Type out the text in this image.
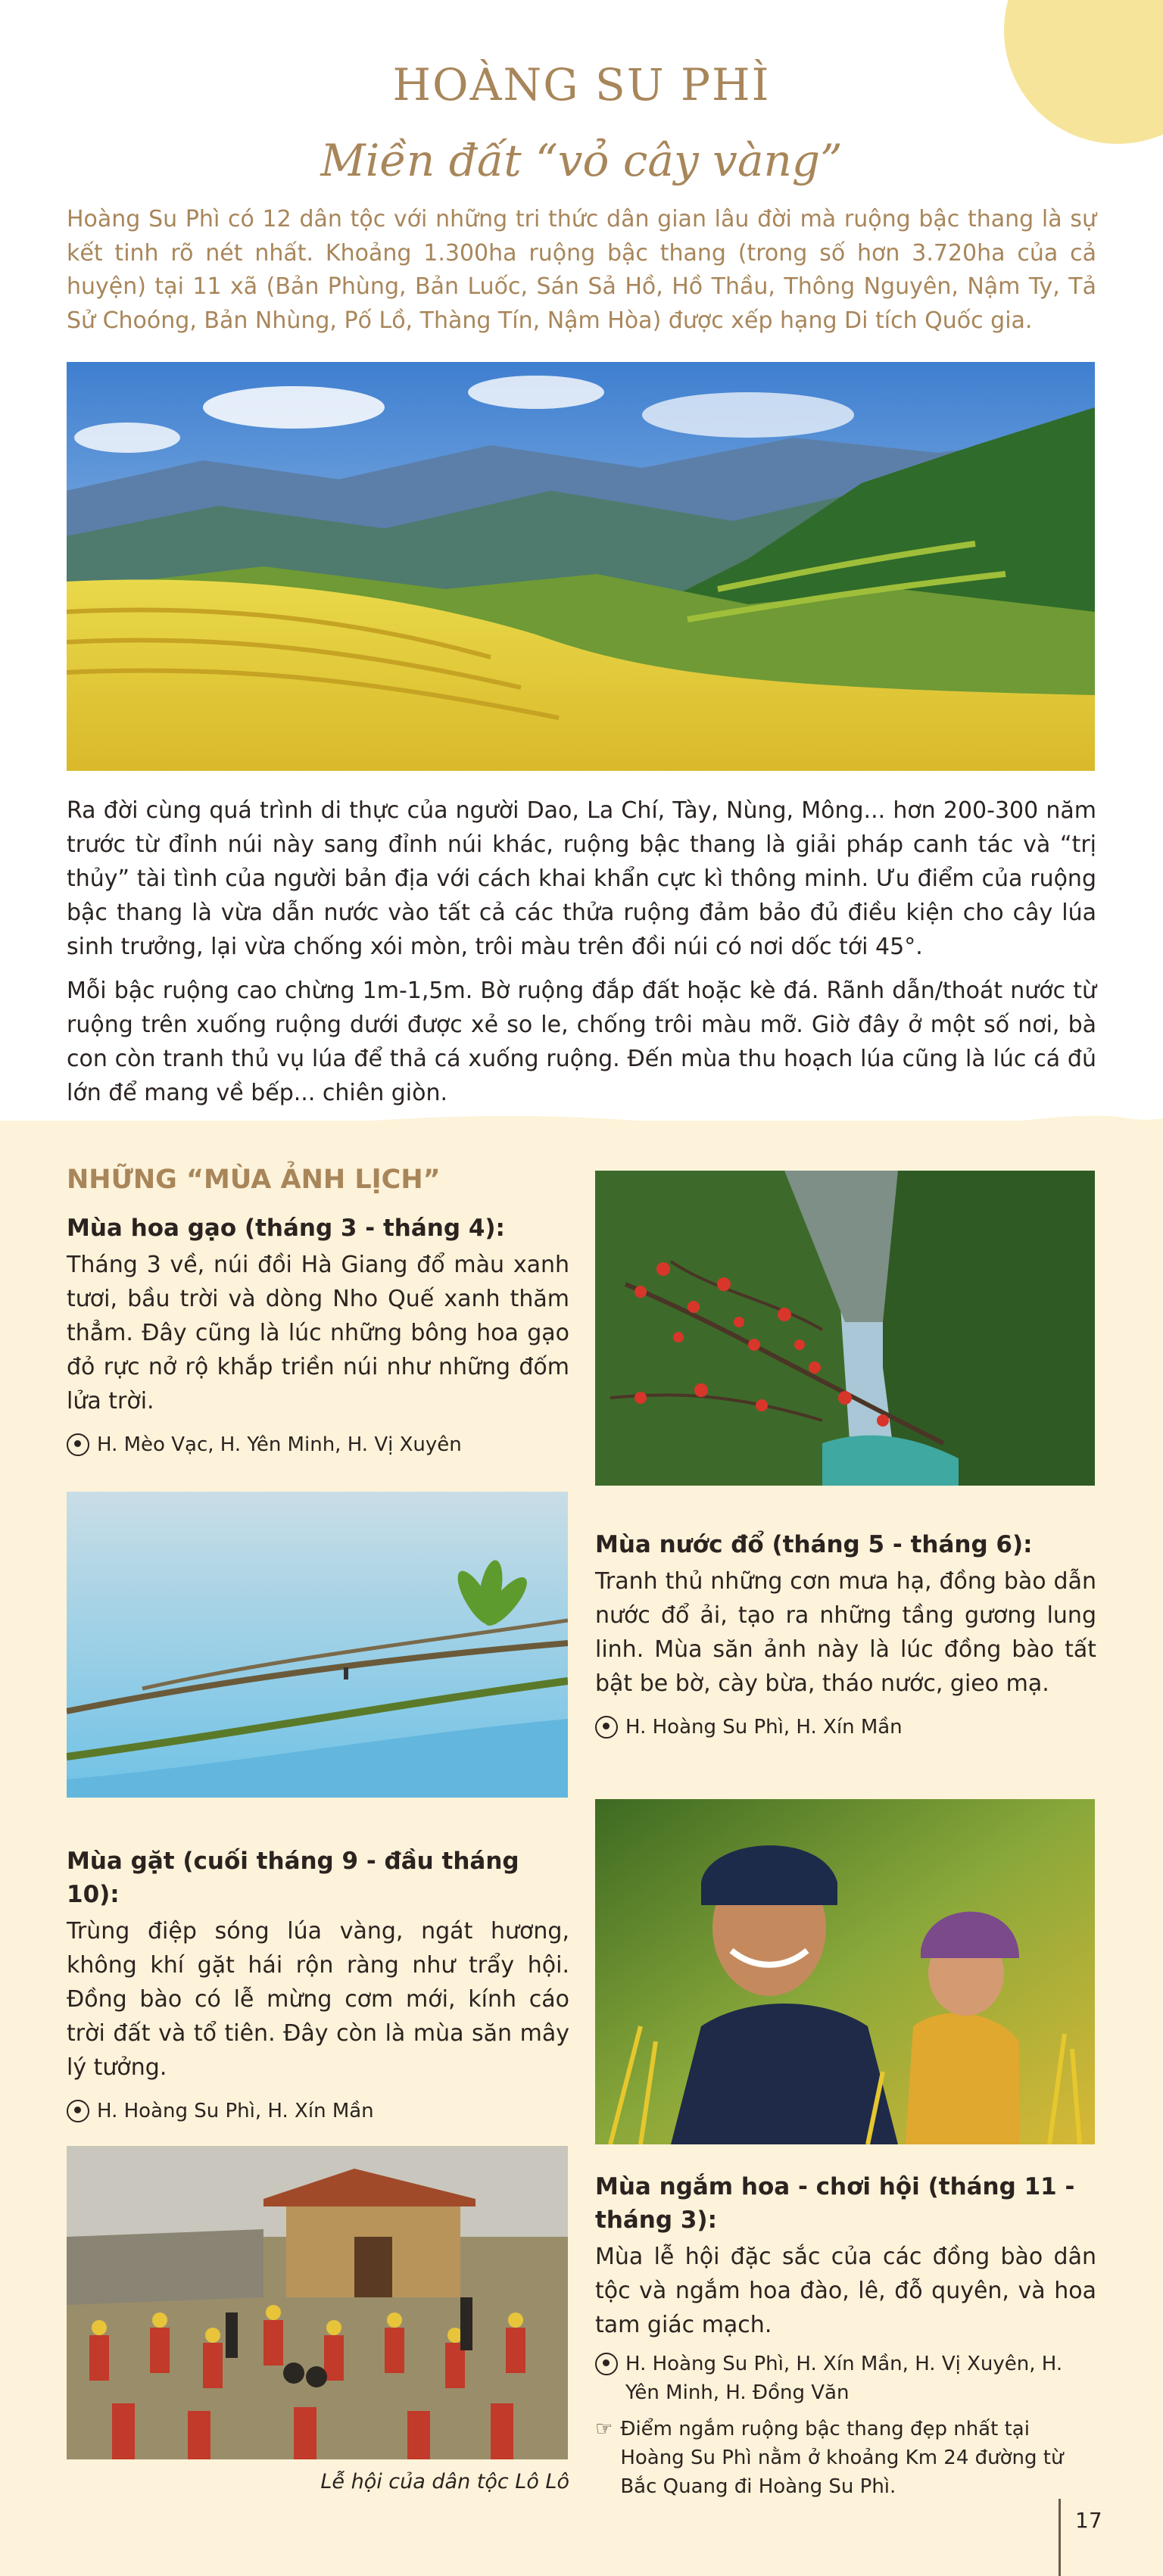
HOÀNG SU PHÌ
Miền đất “vỏ cây vàng”
Hoàng Su Phì có 12 dân tộc với những tri thức dân gian lâu đời mà ruộng bậc thang là sự kết tinh rõ nét nhất. Khoảng 1.300ha ruộng bậc thang (trong số hơn 3.720ha của cả huyện) tại 11 xã (Bản Phùng, Bản Luốc, Sán Sả Hồ, Hồ Thầu, Thông Nguyên, Nậm Ty, Tả Sử Choóng, Bản Nhùng, Pố Lồ, Thàng Tín, Nậm Hòa) được xếp hạng Di tích Quốc gia.
Ra đời cùng quá trình di thực của người Dao, La Chí, Tày, Nùng, Mông... hơn 200-300 năm trước từ đỉnh núi này sang đỉnh núi khác, ruộng bậc thang là giải pháp canh tác và “trị thủy” tài tình của người bản địa với cách khai khẩn cực kì thông minh. Ưu điểm của ruộng bậc thang là vừa dẫn nước vào tất cả các thửa ruộng đảm bảo đủ điều kiện cho cây lúa sinh trưởng, lại vừa chống xói mòn, trôi màu trên đồi núi có nơi dốc tới 45°.
Mỗi bậc ruộng cao chừng 1m-1,5m. Bờ ruộng đắp đất hoặc kè đá. Rãnh dẫn/thoát nước từ ruộng trên xuống ruộng dưới được xẻ so le, chống trôi màu mỡ. Giờ đây ở một số nơi, bà con còn tranh thủ vụ lúa để thả cá xuống ruộng. Đến mùa thu hoạch lúa cũng là lúc cá đủ lớn để mang về bếp... chiên giòn.
NHỮNG “MÙA ẢNH LỊCH”
Mùa hoa gạo (tháng 3 - tháng 4):
Tháng 3 về, núi đồi Hà Giang đổ màu xanh tươi, bầu trời và dòng Nho Quế xanh thăm thẳm. Đây cũng là lúc những bông hoa gạo đỏ rực nở rộ khắp triền núi như những đốm lửa trời.
H. Mèo Vạc, H. Yên Minh, H. Vị Xuyên
Mùa nước đổ (tháng 5 - tháng 6):
Tranh thủ những cơn mưa hạ, đồng bào dẫn nước đổ ải, tạo ra những tầng gương lung linh. Mùa săn ảnh này là lúc đồng bào tất bật be bờ, cày bừa, tháo nước, gieo mạ.
H. Hoàng Su Phì, H. Xín Mần
Mùa gặt (cuối tháng 9 - đầu tháng 10):
Trùng điệp sóng lúa vàng, ngát hương, không khí gặt hái rộn ràng như trẩy hội. Đồng bào có lễ mừng cơm mới, kính cáo trời đất và tổ tiên. Đây còn là mùa săn mây lý tưởng.
H. Hoàng Su Phì, H. Xín Mần
Lễ hội của dân tộc Lô Lô
Mùa ngắm hoa - chơi hội (tháng 11 - tháng 3):
Mùa lễ hội đặc sắc của các đồng bào dân tộc và ngắm hoa đào, lê, đỗ quyên, và hoa tam giác mạch.
H. Hoàng Su Phì, H. Xín Mần, H. Vị Xuyên, H. Yên Minh, H. Đồng Văn
☞ Điểm ngắm ruộng bậc thang đẹp nhất tại Hoàng Su Phì nằm ở khoảng Km 24 đường từ Bắc Quang đi Hoàng Su Phì.
17
